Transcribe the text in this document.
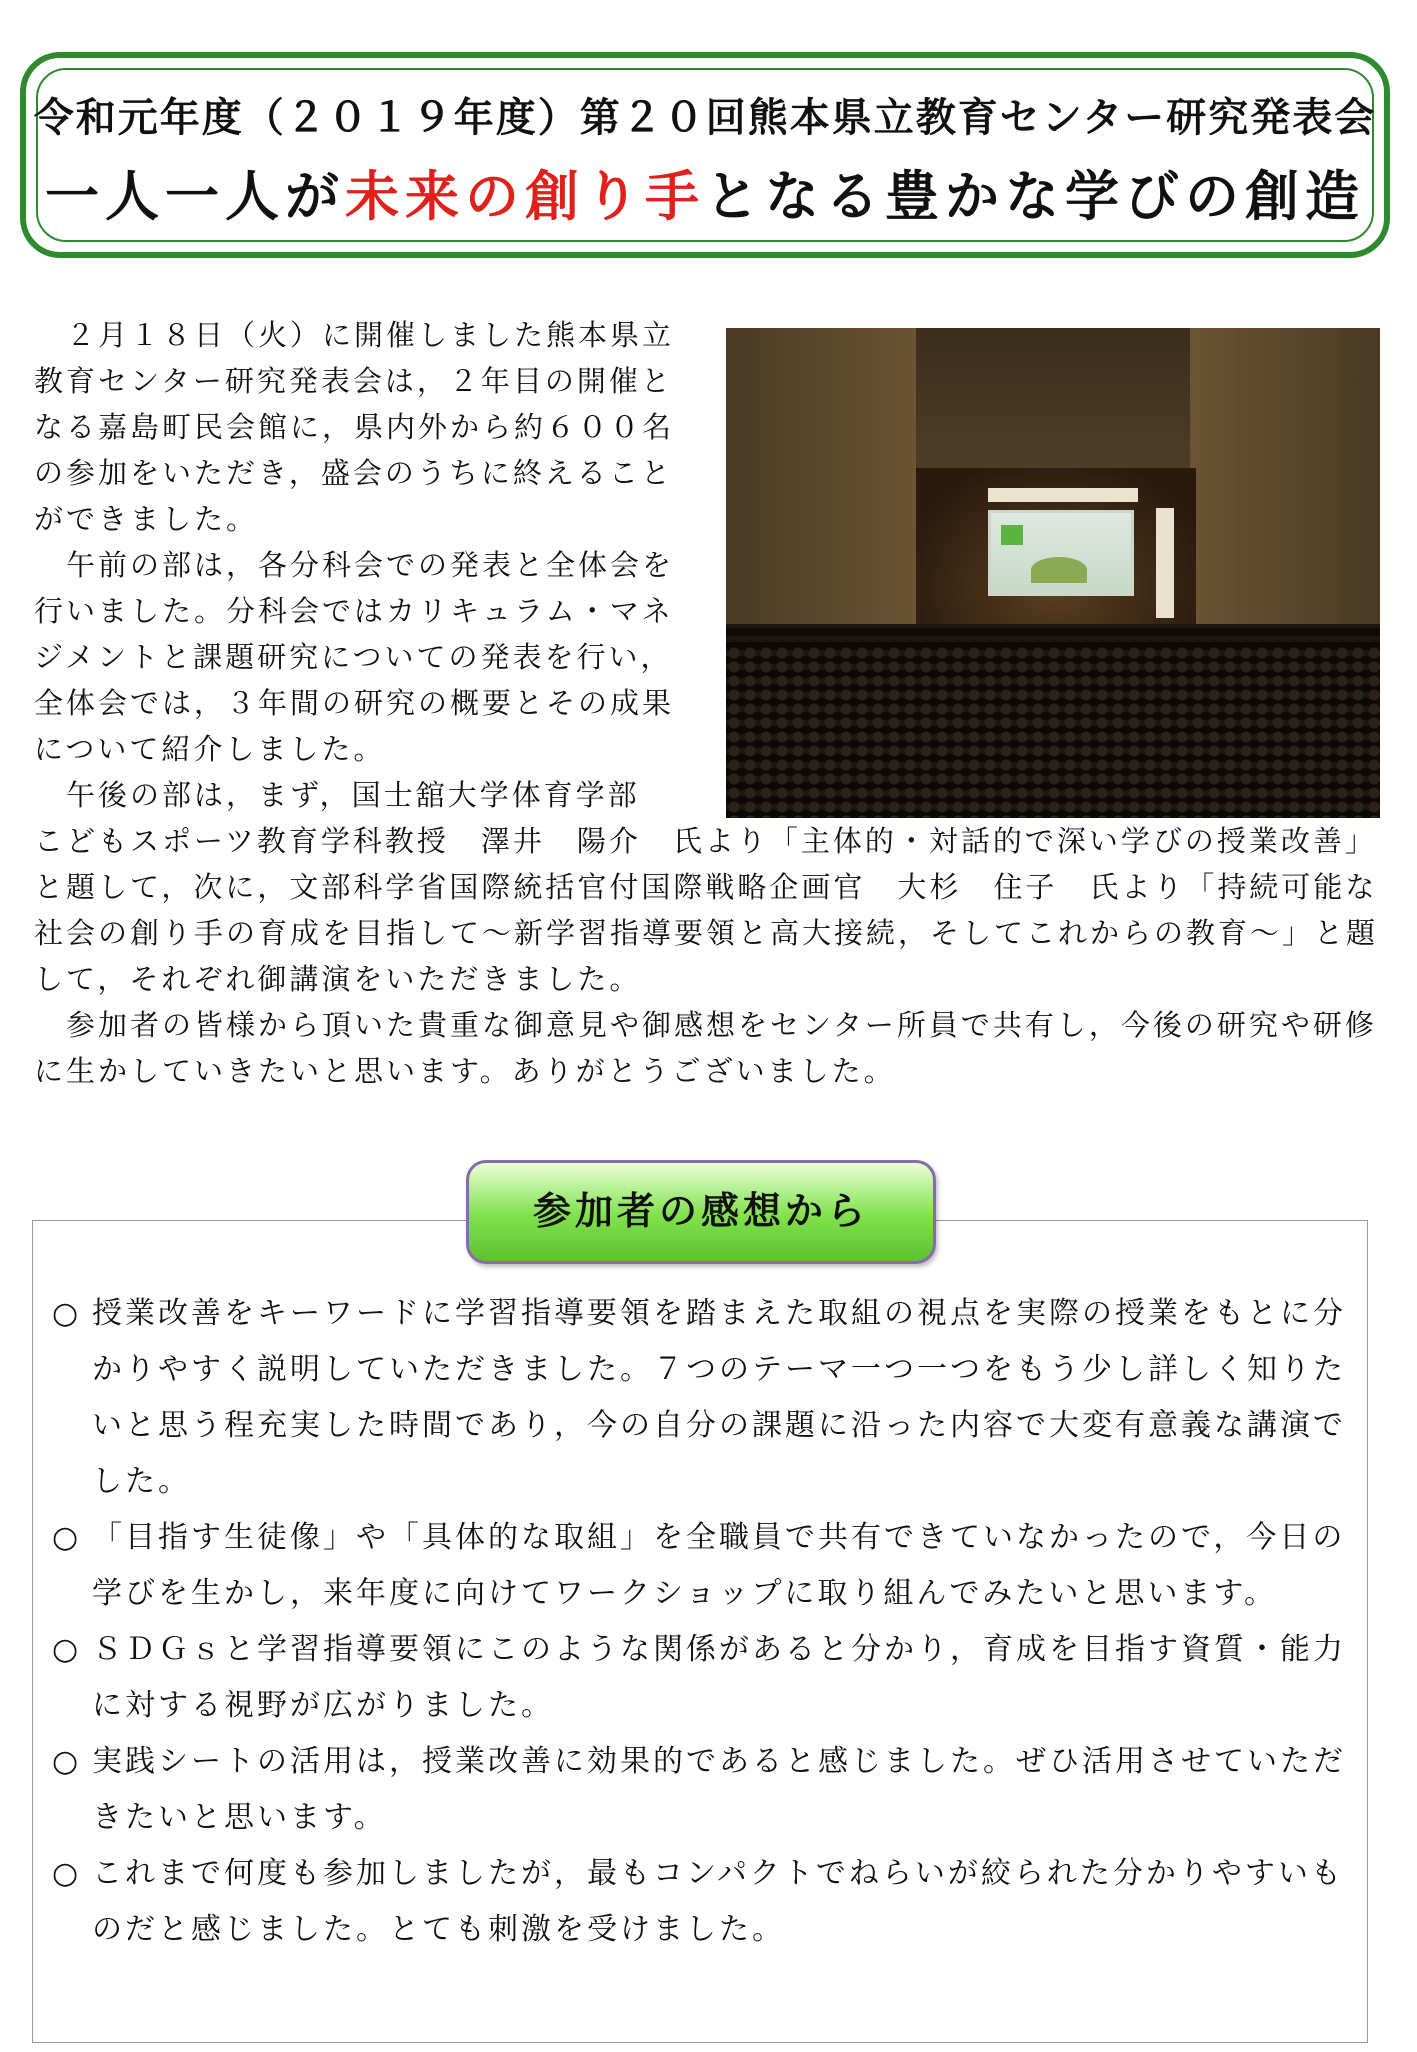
令和元年度（２０１９年度）第２０回熊本県立教育センター研究発表会
一人一人が未来の創り手となる豊かな学びの創造
　２月１８日（火）に開催しました熊本県立教育センター研究発表会は，２年目の開催となる嘉島町民会館に，県内外から約６００名の参加をいただき，盛会のうちに終えることができました。
　午前の部は，各分科会での発表と全体会を行いました。分科会ではカリキュラム・マネジメントと課題研究についての発表を行い，全体会では，３年間の研究の概要とその成果について紹介しました。
　午後の部は，まず，国士舘大学体育学部
こどもスポーツ教育学科教授　澤井　陽介　氏より「主体的・対話的で深い学びの授業改善」と題して，次に，文部科学省国際統括官付国際戦略企画官　大杉　住子　氏より「持続可能な社会の創り手の育成を目指して～新学習指導要領と高大接続，そしてこれからの教育～」と題して，それぞれ御講演をいただきました。
　参加者の皆様から頂いた貴重な御意見や御感想をセンター所員で共有し，今後の研究や研修に生かしていきたいと思います。ありがとうございました。
参加者の感想から
○ 授業改善をキーワードに学習指導要領を踏まえた取組の視点を実際の授業をもとに分かりやすく説明していただきました。７つのテーマ一つ一つをもう少し詳しく知りたいと思う程充実した時間であり，今の自分の課題に沿った内容で大変有意義な講演でした。
○ 「目指す生徒像」や「具体的な取組」を全職員で共有できていなかったので，今日の学びを生かし，来年度に向けてワークショップに取り組んでみたいと思います。
○ ＳＤＧｓと学習指導要領にこのような関係があると分かり，育成を目指す資質・能力に対する視野が広がりました。
○ 実践シートの活用は，授業改善に効果的であると感じました。ぜひ活用させていただきたいと思います。
○ これまで何度も参加しましたが，最もコンパクトでねらいが絞られた分かりやすいものだと感じました。とても刺激を受けました。
